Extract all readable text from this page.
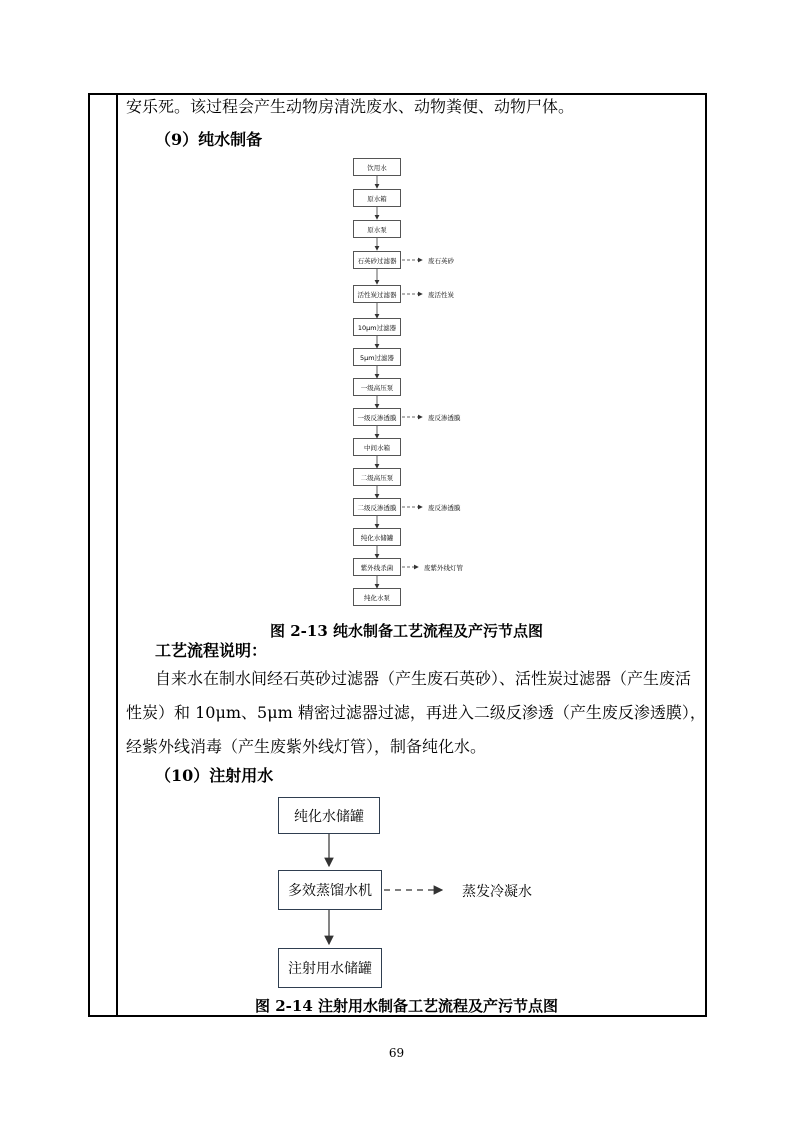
安乐死。该过程会产生动物房清洗废水、动物粪便、动物尸体。
（9）纯水制备
饮用水
原水箱
原水泵
石英砂过滤器
活性炭过滤器
10μm过滤器
5μm过滤器
一级高压泵
一级反渗透膜
中间水箱
二级高压泵
二级反渗透膜
纯化水储罐
紫外线杀菌
纯化水泵
废石英砂
废活性炭
废反渗透膜
废反渗透膜
废紫外线灯管
图 2-13 纯水制备工艺流程及产污节点图
工艺流程说明：
自来水在制水间经石英砂过滤器（产生废石英砂）、活性炭过滤器（产生废活
性炭）和 10μm、5μm 精密过滤器过滤，再进入二级反渗透（产生废反渗透膜），
经紫外线消毒（产生废紫外线灯管），制备纯化水。
（10）注射用水
纯化水储罐
多效蒸馏水机
注射用水储罐
蒸发冷凝水
图 2-14 注射用水制备工艺流程及产污节点图
69
